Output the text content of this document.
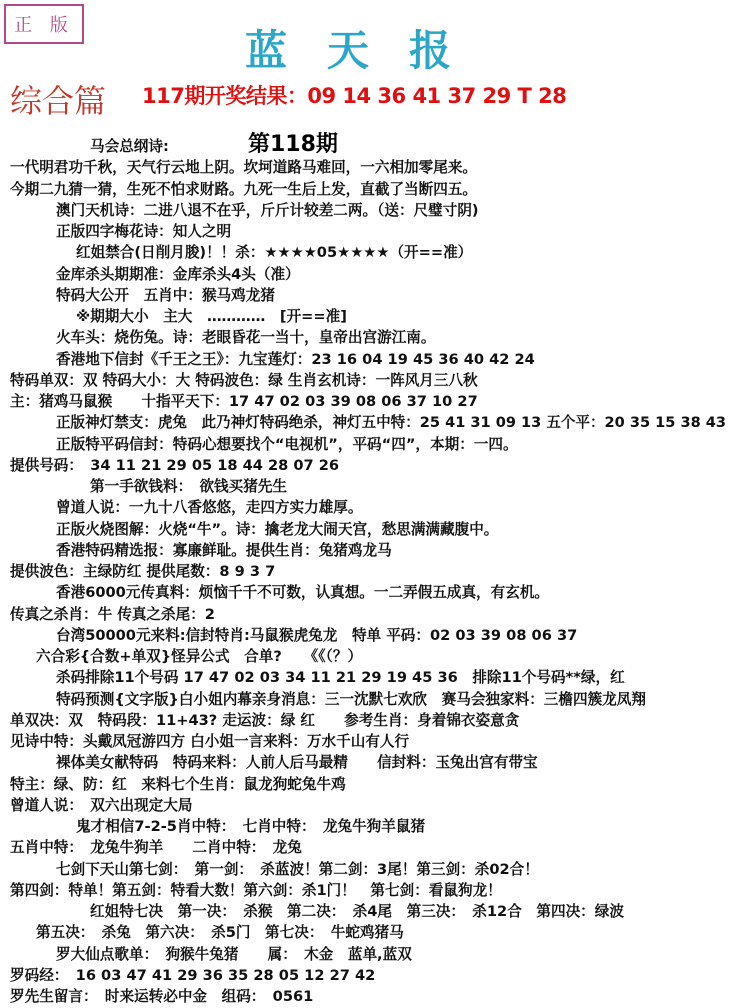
正 版
蓝天报
综合篇 117期开奖结果：09 14 36 41 37 29 T 28
第118期
马会总纲诗:
一代明君功千秋，天气行云地上阴。坎坷道路马难回，一六相加零尾来。
今期二九猜一猜，生死不怕求财路。九死一生后上发，直截了当断四五。
澳门天机诗：二进八退不在乎，斤斤计较差二两。（送：尺璧寸阴)
正版四字梅花诗：知人之明
红姐禁合(日削月朘)！！杀：★★★★05★★★★（开==准）
金库杀头期期准：金库杀头4头（准）
特码大公开　五肖中：猴马鸡龙猪
※期期大小　主大　…………　[开==准]
火车头：烧伤兔。诗：老眼昏花一当十，皇帝出宫游江南。
香港地下信封《千王之王》：九宝莲灯：23 16 04 19 45 36 40 42 24
特码单双：双 特码大小：大 特码波色：绿 生肖玄机诗：一阵风月三八秋
主：猪鸡马鼠猴　　十指平天下：17 47 02 03 39 08 06 37 10 27
正版神灯禁支：虎兔　此乃神灯特码绝杀，神灯五中特：25 41 31 09 13 五个平：20 35 15 38 43
正版特平码信封：特码心想要找个“电视机”，平码“四”，本期：一四。
提供号码：　34 11 21 29 05 18 44 28 07 26
第一手欲钱料：　欲钱买猪先生
曾道人说：一九十八香悠悠，走四方实力雄厚。
正版火烧图解：火烧“牛”。诗：擒老龙大闹天宫，愁思满满藏腹中。
香港特码精选报：寡廉鲜耻。提供生肖：兔猪鸡龙马
提供波色：主绿防红 提供尾数：8 9 3 7
香港6000元传真料：烦恼千千不可数，认真想。一二弄假五成真，有玄机。
传真之杀肖：牛 传真之杀尾：2
台湾50000元来料:信封特肖:马鼠猴虎兔龙　特单 平码：02 03 39 08 06 37
六合彩{合数+单双}怪异公式　合单?　　《《（？）
杀码排除11个号码 17 47 02 03 34 11 21 29 19 45 36　排除11个号码**绿，红
特码预测{文字版}白小姐内幕亲身消息：三一沈默七欢欣　赛马会独家料：三檐四簇龙凤翔
单双决：双　特码段：11+43? 走运波：绿 红　　参考生肖：身着锦衣姿意贪
见诗中特：头戴凤冠游四方 白小姐一言来料：万水千山有人行
裸体美女献特码　特码来料：人前人后马最精　　信封料：玉兔出宫有带宝
特主：绿、防：红　来料七个生肖：鼠龙狗蛇兔牛鸡
曾道人说：　双六出现定大局
鬼才相信7-2-5肖中特：　七肖中特：　龙兔牛狗羊鼠猪
五肖中特：　龙兔牛狗羊　　二肖中特：　龙兔
七剑下天山第七剑：　第一剑：　杀蓝波！第二剑：3尾！第三剑：杀02合！
第四剑：特单！第五剑：特看大数！第六剑：杀1门！　第七剑：看鼠狗龙！
红姐特七决　第一决：　杀猴　第二决：　杀4尾　第三决：　杀12合　第四决：绿波
第五决：　杀兔　第六决：　杀5门　第七决：　牛蛇鸡猪马
罗大仙点歌单：　狗猴牛兔猪　　属：　木金　蓝单,蓝双
罗码经：　16 03 47 41 29 36 35 28 05 12 27 42
罗先生留言：　时来运转必中金　组码：　0561
